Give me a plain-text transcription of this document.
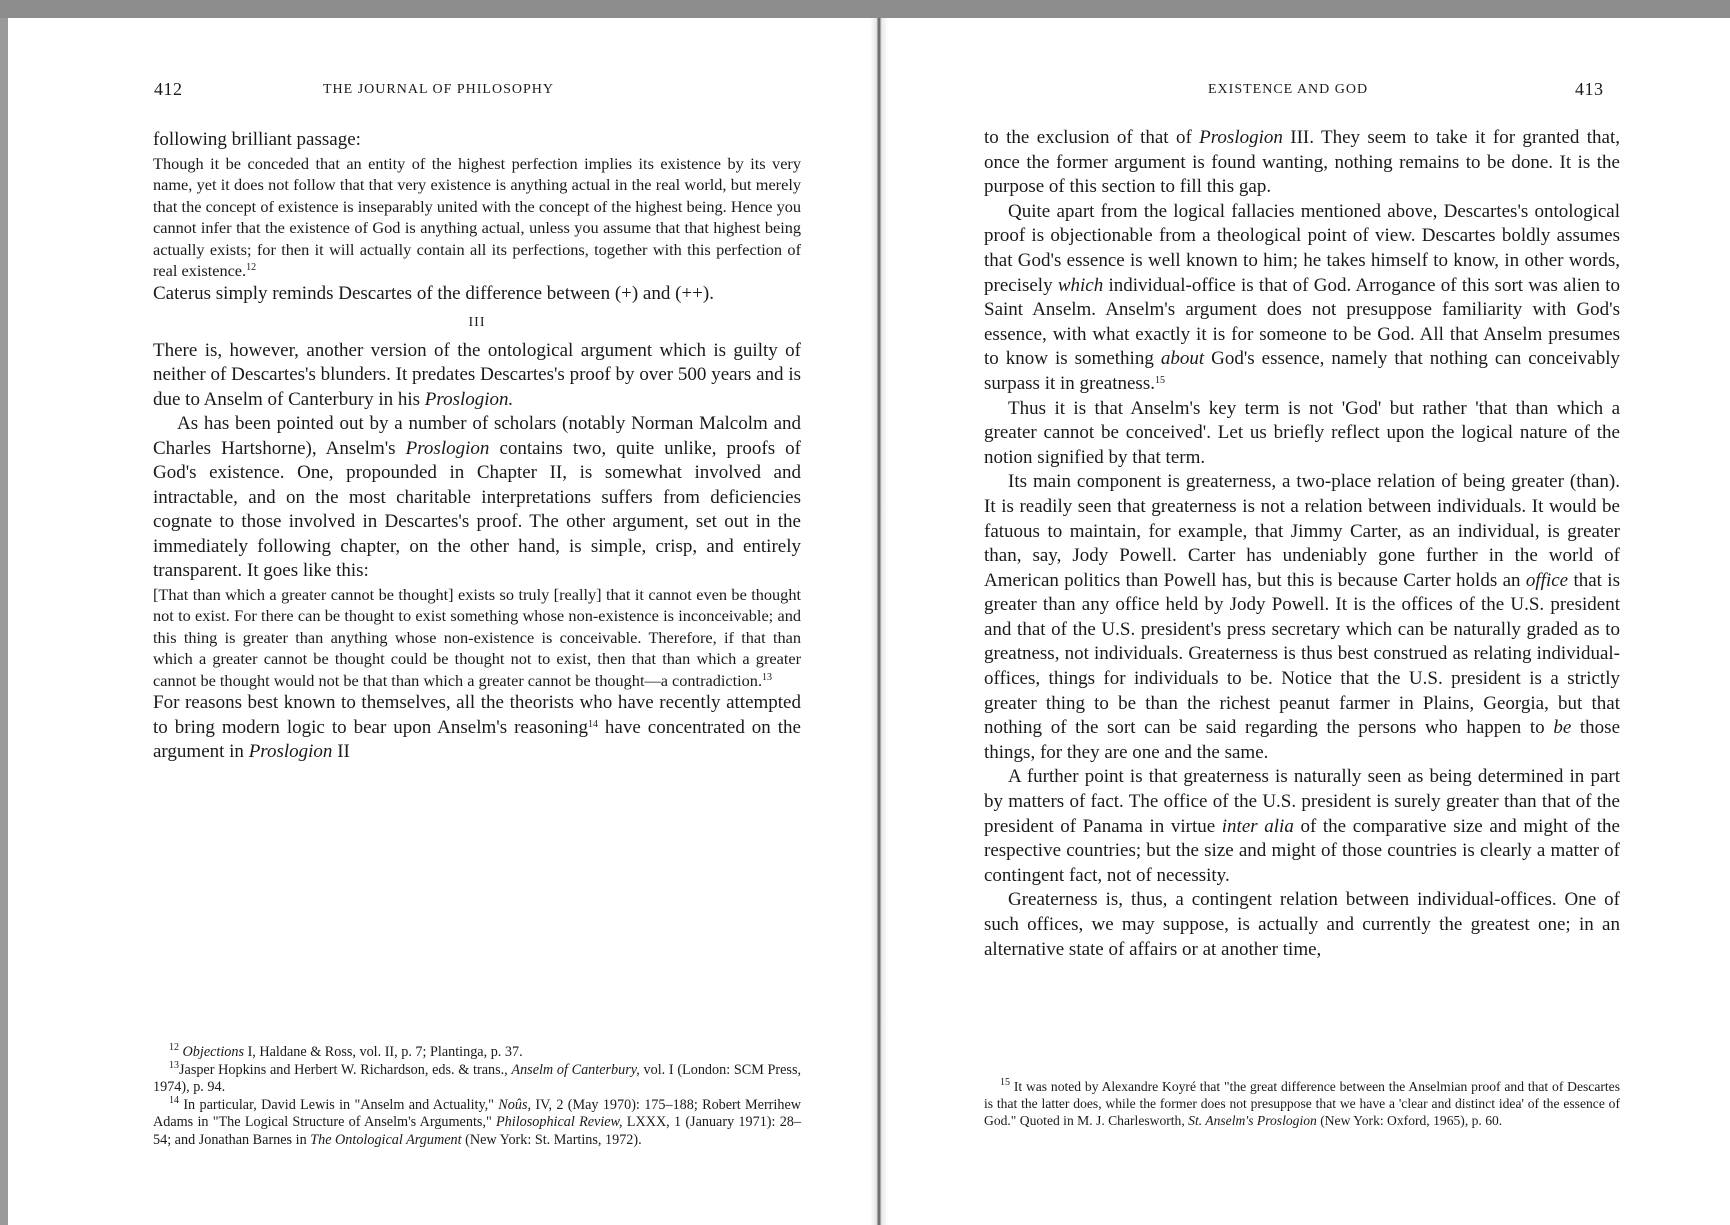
412	THE JOURNAL OF PHILOSOPHY

following brilliant passage:

Though it be conceded that an entity of the highest perfection implies its existence by its very name, yet it does not follow that that very existence is anything actual in the real world, but merely that the concept of existence is inseparably united with the concept of the highest being. Hence you cannot infer that the existence of God is anything actual, unless you assume that that highest being actually exists; for then it will actually contain all its perfections, together with this perfection of real existence.$^{12}$

Caterus simply reminds Descartes of the difference between (+) and (++).

III

There is, however, another version of the ontological argument which is guilty of neither of Descartes's blunders. It predates Descartes's proof by over 500 years and is due to Anselm of Canterbury in his Proslogion.

As has been pointed out by a number of scholars (notably Norman Malcolm and Charles Hartshorne), Anselm's Proslogion contains two, quite unlike, proofs of God's existence. One, propounded in Chapter II, is somewhat involved and intractable, and on the most charitable interpretations suffers from deficiencies cognate to those involved in Descartes's proof. The other argument, set out in the immediately following chapter, on the other hand, is simple, crisp, and entirely transparent. It goes like this:

[That than which a greater cannot be thought] exists so truly [really] that it cannot even be thought not to exist. For there can be thought to exist something whose non-existence is inconceivable; and this thing is greater than anything whose non-existence is conceivable. Therefore, if that than which a greater cannot be thought could be thought not to exist, then that than which a greater cannot be thought would not be that than which a greater cannot be thought—a contradiction.$^{13}$

For reasons best known to themselves, all the theorists who have recently attempted to bring modern logic to bear upon Anselm's reasoning$^{14}$ have concentrated on the argument in Proslogion II

$^{12}$ Objections I, Haldane & Ross, vol. II, p. 7; Plantinga, p. 37.

$^{13}$Jasper Hopkins and Herbert W. Richardson, eds. & trans., Anselm of Canterbury, vol. I (London: SCM Press, 1974), p. 94.

$^{14}$ In particular, David Lewis in "Anselm and Actuality," Noûs, IV, 2 (May 1970): 175–188; Robert Merrihew Adams in "The Logical Structure of Anselm's Arguments," Philosophical Review, LXXX, 1 (January 1971): 28–54; and Jonathan Barnes in The Ontological Argument (New York: St. Martins, 1972).

EXISTENCE AND GOD	413

to the exclusion of that of Proslogion III. They seem to take it for granted that, once the former argument is found wanting, nothing remains to be done. It is the purpose of this section to fill this gap.

Quite apart from the logical fallacies mentioned above, Descartes's ontological proof is objectionable from a theological point of view. Descartes boldly assumes that God's essence is well known to him; he takes himself to know, in other words, precisely which individual-office is that of God. Arrogance of this sort was alien to Saint Anselm. Anselm's argument does not presuppose familiarity with God's essence, with what exactly it is for someone to be God. All that Anselm presumes to know is something about God's essence, namely that nothing can conceivably surpass it in greatness.$^{15}$

Thus it is that Anselm's key term is not 'God' but rather 'that than which a greater cannot be conceived'. Let us briefly reflect upon the logical nature of the notion signified by that term.

Its main component is greaterness, a two-place relation of being greater (than). It is readily seen that greaterness is not a relation between individuals. It would be fatuous to maintain, for example, that Jimmy Carter, as an individual, is greater than, say, Jody Powell. Carter has undeniably gone further in the world of American politics than Powell has, but this is because Carter holds an office that is greater than any office held by Jody Powell. It is the offices of the U.S. president and that of the U.S. president's press secretary which can be naturally graded as to greatness, not individuals. Greaterness is thus best construed as relating individual-offices, things for individuals to be. Notice that the U.S. president is a strictly greater thing to be than the richest peanut farmer in Plains, Georgia, but that nothing of the sort can be said regarding the persons who happen to be those things, for they are one and the same.

A further point is that greaterness is naturally seen as being determined in part by matters of fact. The office of the U.S. president is surely greater than that of the president of Panama in virtue inter alia of the comparative size and might of the respective countries; but the size and might of those countries is clearly a matter of contingent fact, not of necessity.

Greaterness is, thus, a contingent relation between individual-offices. One of such offices, we may suppose, is actually and currently the greatest one; in an alternative state of affairs or at another time,

$^{15}$ It was noted by Alexandre Koyré that "the great difference between the Anselmian proof and that of Descartes is that the latter does, while the former does not presuppose that we have a 'clear and distinct idea' of the essence of God." Quoted in M. J. Charlesworth, St. Anselm's Proslogion (New York: Oxford, 1965), p. 60.
